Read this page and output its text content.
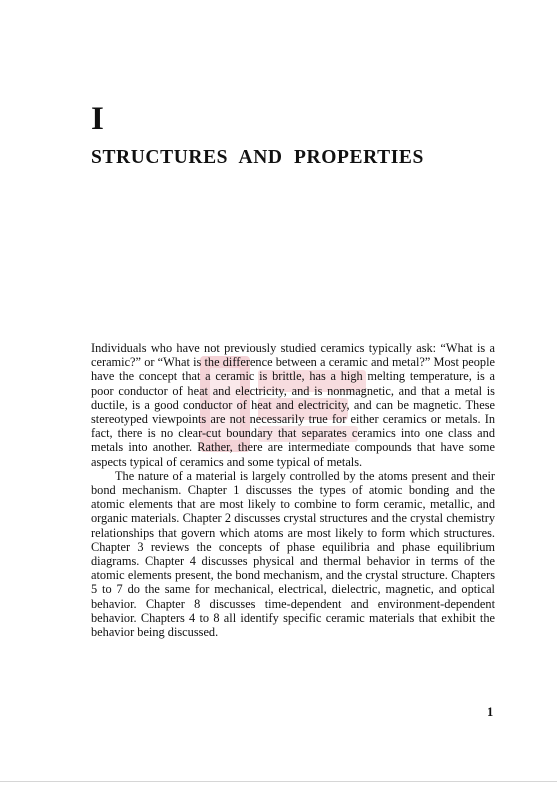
I
STRUCTURES AND PROPERTIES

Individuals who have not previously studied ceramics typically ask: “What is a ceramic?” or “What is the difference between a ceramic and metal?” Most people have the concept that a ceramic is brittle, has a high melting temperature, is a poor conductor of heat and electricity, and is nonmagnetic, and that a metal is ductile, is a good conductor of heat and electricity, and can be magnetic. These stereotyped viewpoints are not necessarily true for either ceramics or metals. In fact, there is no clear-cut boundary that separates ceramics into one class and metals into another. Rather, there are intermediate compounds that have some aspects typical of ceramics and some typical of metals.

The nature of a material is largely controlled by the atoms present and their bond mechanism. Chapter 1 discusses the types of atomic bonding and the atomic elements that are most likely to combine to form ceramic, metallic, and organic materials. Chapter 2 discusses crystal structures and the crystal chemistry relationships that govern which atoms are most likely to form which structures. Chapter 3 reviews the concepts of phase equilibria and phase equilibrium diagrams. Chapter 4 discusses physical and thermal behavior in terms of the atomic elements present, the bond mechanism, and the crystal structure. Chapters 5 to 7 do the same for mechanical, electrical, dielectric, magnetic, and optical behavior. Chapter 8 discusses time-dependent and environment-dependent behavior. Chapters 4 to 8 all identify specific ceramic materials that exhibit the behavior being discussed.

1
